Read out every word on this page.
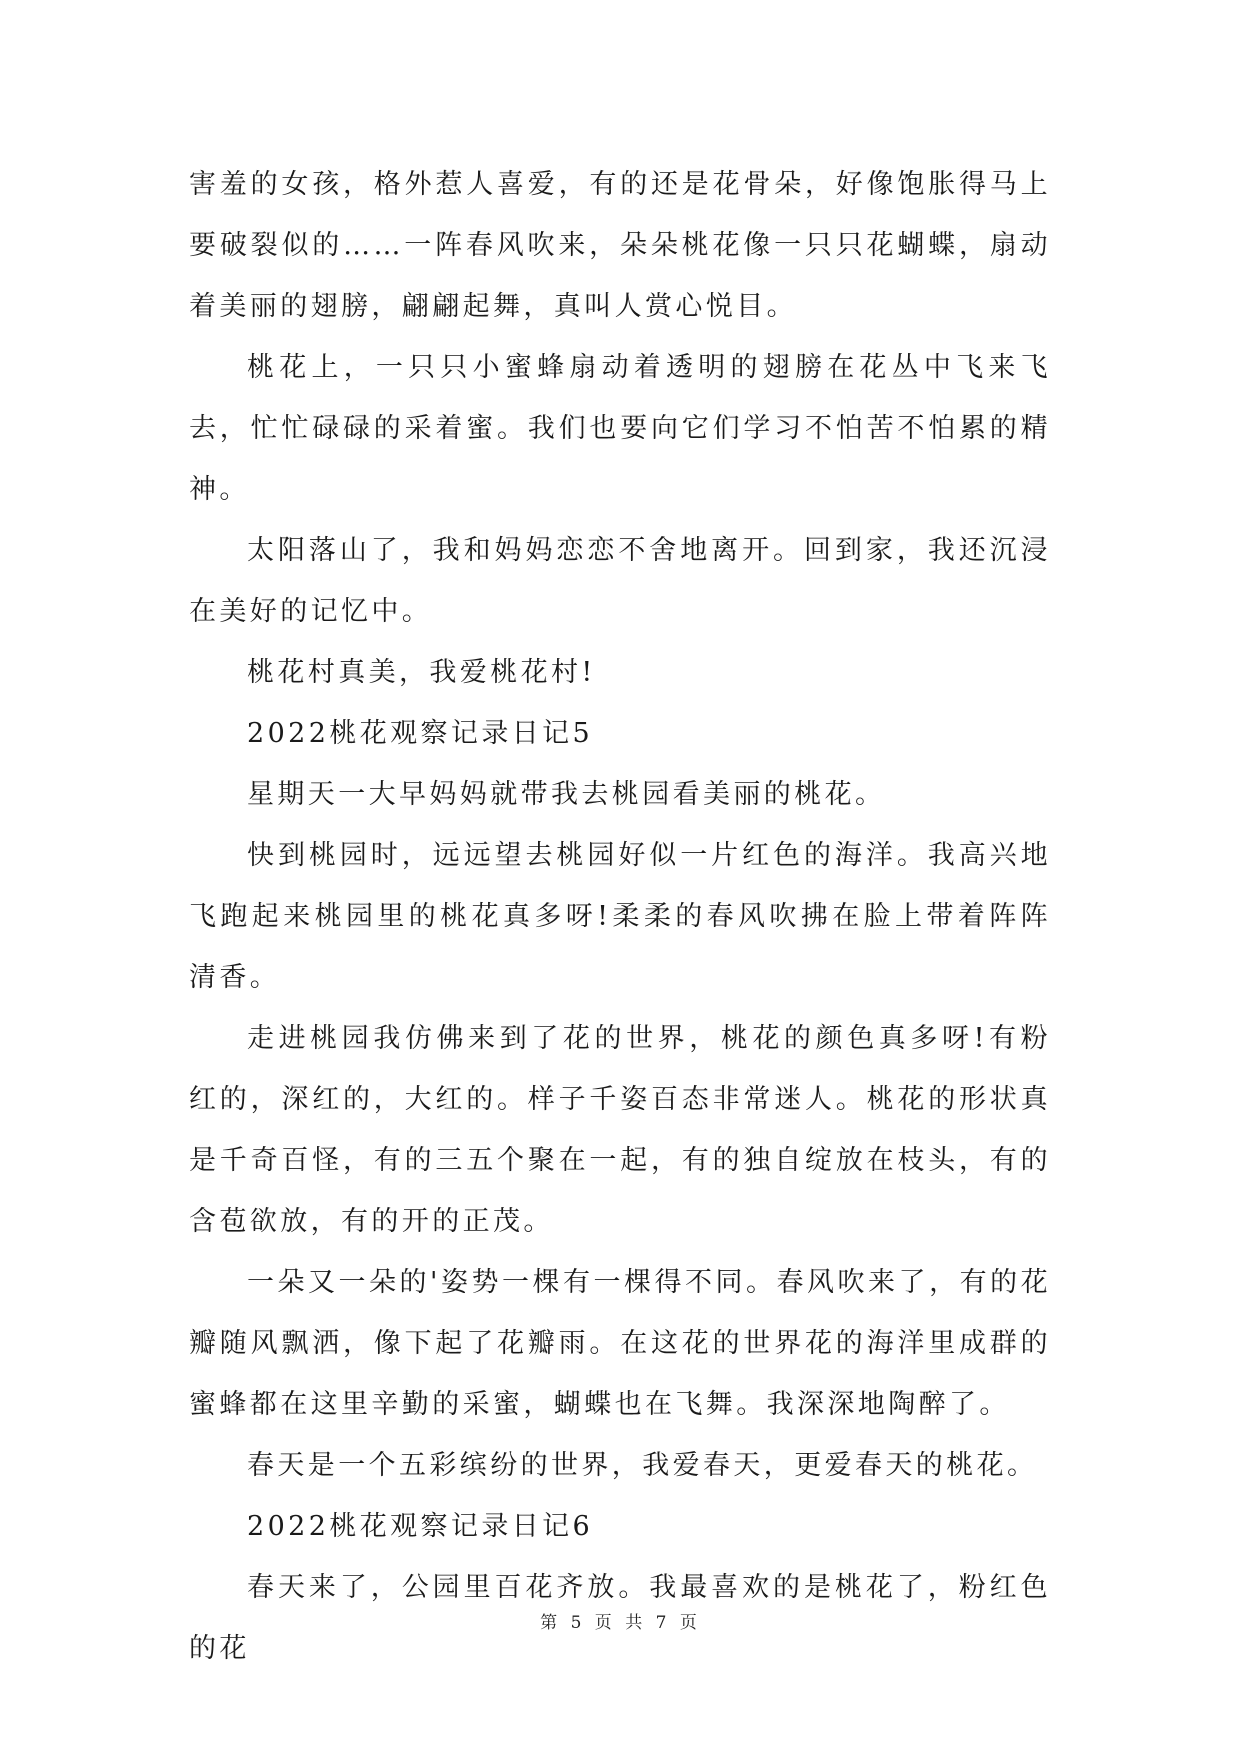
害羞的女孩，格外惹人喜爱，有的还是花骨朵，好像饱胀得马上要破裂似的……一阵春风吹来，朵朵桃花像一只只花蝴蝶，扇动着美丽的翅膀，翩翩起舞，真叫人赏心悦目。

桃花上，一只只小蜜蜂扇动着透明的翅膀在花丛中飞来飞去，忙忙碌碌的采着蜜。我们也要向它们学习不怕苦不怕累的精神。

太阳落山了，我和妈妈恋恋不舍地离开。回到家，我还沉浸在美好的记忆中。

桃花村真美，我爱桃花村!

2022桃花观察记录日记5

星期天一大早妈妈就带我去桃园看美丽的桃花。

快到桃园时，远远望去桃园好似一片红色的海洋。我高兴地飞跑起来桃园里的桃花真多呀!柔柔的春风吹拂在脸上带着阵阵清香。

走进桃园我仿佛来到了花的世界，桃花的颜色真多呀!有粉红的，深红的，大红的。样子千姿百态非常迷人。桃花的形状真是千奇百怪，有的三五个聚在一起，有的独自绽放在枝头，有的含苞欲放，有的开的正茂。

一朵又一朵的'姿势一棵有一棵得不同。春风吹来了，有的花瓣随风飘洒，像下起了花瓣雨。在这花的世界花的海洋里成群的蜜蜂都在这里辛勤的采蜜，蝴蝶也在飞舞。我深深地陶醉了。

春天是一个五彩缤纷的世界，我爱春天，更爱春天的桃花。

2022桃花观察记录日记6

春天来了，公园里百花齐放。我最喜欢的是桃花了，粉红色的花

第 5 页 共 7 页
